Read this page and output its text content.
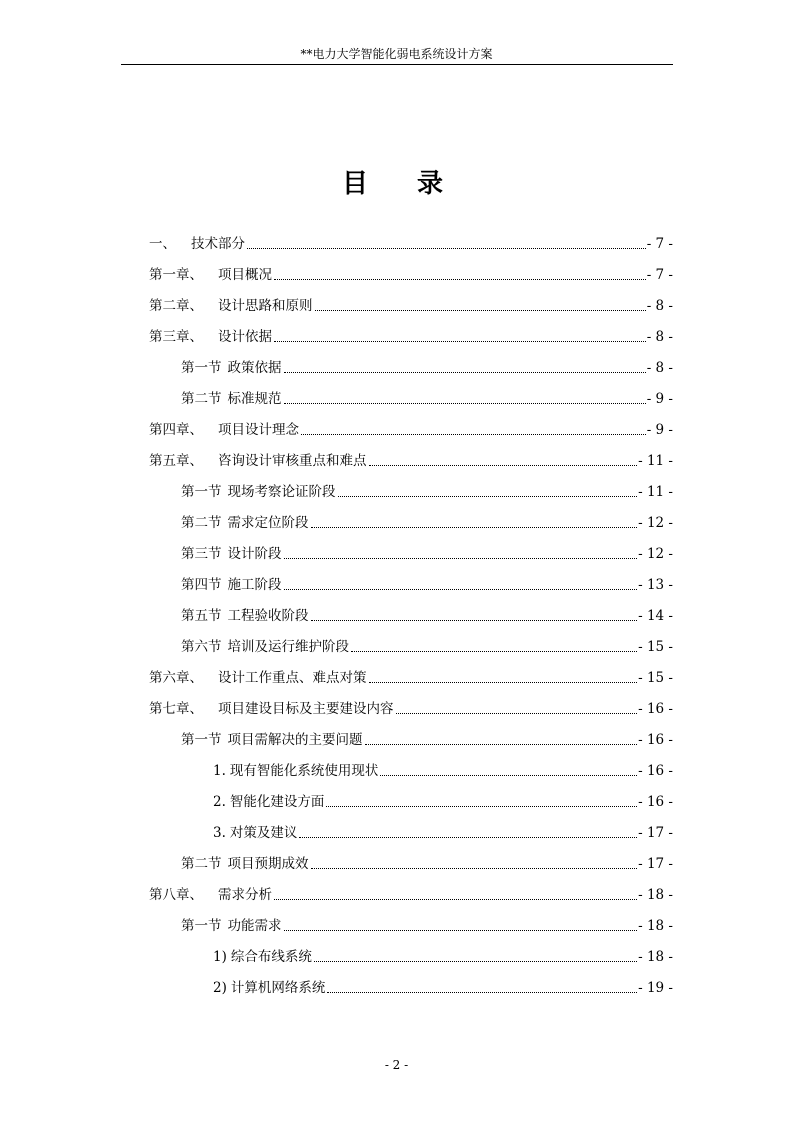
**电力大学智能化弱电系统设计方案
目 录
一、 技术部分	- 7 -
第一章、 项目概况	- 7 -
第二章、 设计思路和原则	- 8 -
第三章、 设计依据	- 8 -
第一节 政策依据	- 8 -
第二节 标准规范	- 9 -
第四章、 项目设计理念	- 9 -
第五章、 咨询设计审核重点和难点	- 11 -
第一节 现场考察论证阶段	- 11 -
第二节 需求定位阶段	- 12 -
第三节 设计阶段	- 12 -
第四节 施工阶段	- 13 -
第五节 工程验收阶段	- 14 -
第六节 培训及运行维护阶段	- 15 -
第六章、 设计工作重点、难点对策	- 15 -
第七章、 项目建设目标及主要建设内容	- 16 -
第一节 项目需解决的主要问题	- 16 -
1. 现有智能化系统使用现状	- 16 -
2. 智能化建设方面	- 16 -
3. 对策及建议	- 17 -
第二节 项目预期成效	- 17 -
第八章、 需求分析	- 18 -
第一节 功能需求	- 18 -
1) 综合布线系统	- 18 -
2) 计算机网络系统	- 19 -
- 2 -
